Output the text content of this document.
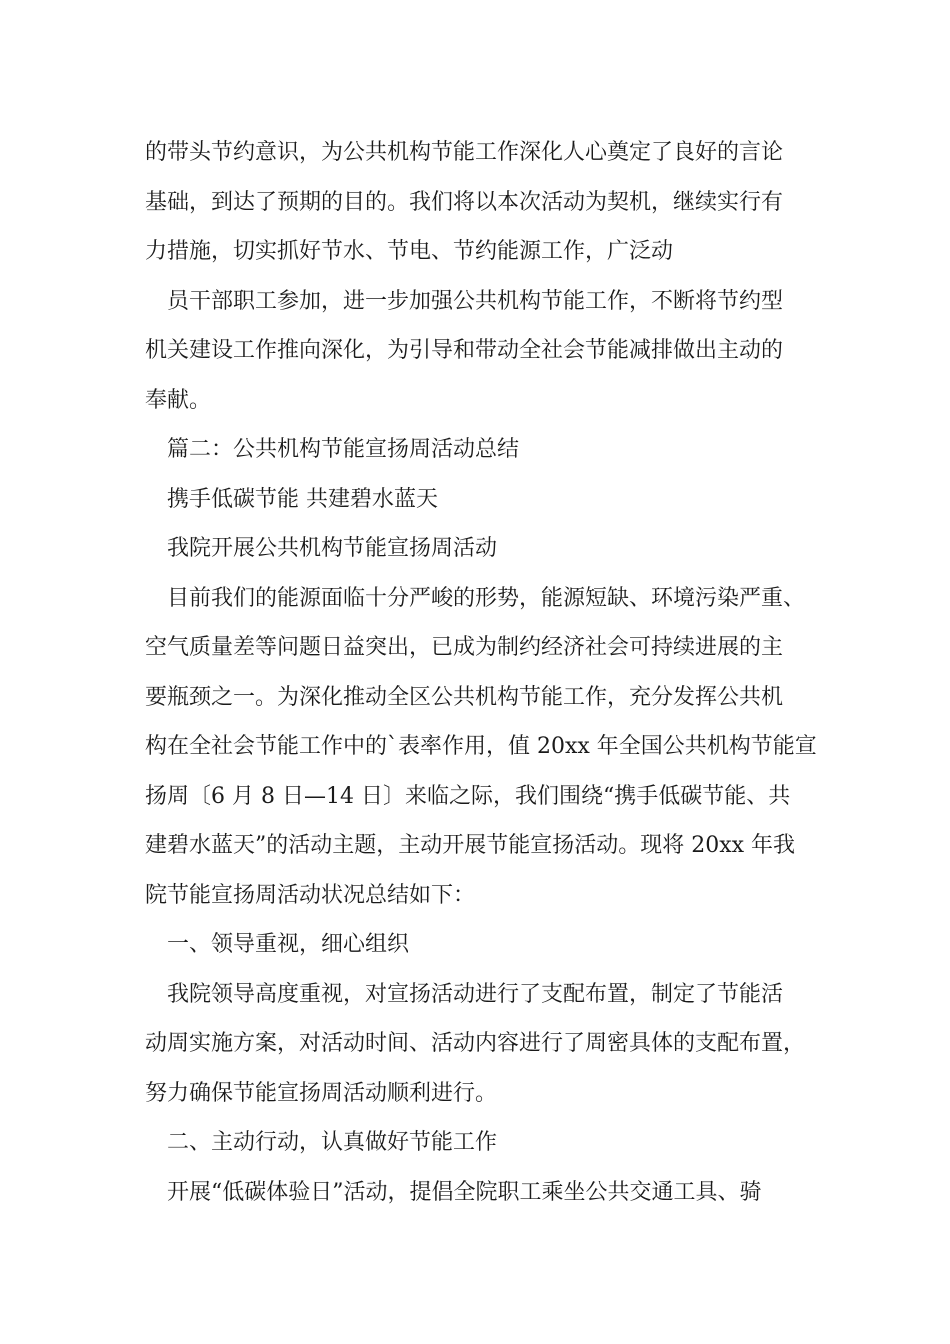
的带头节约意识，为公共机构节能工作深化人心奠定了良好的言论
基础，到达了预期的目的。我们将以本次活动为契机，继续实行有
力措施，切实抓好节水、节电、节约能源工作，广泛动
员干部职工参加，进一步加强公共机构节能工作，不断将节约型
机关建设工作推向深化，为引导和带动全社会节能减排做出主动的
奉献。
篇二：公共机构节能宣扬周活动总结
携手低碳节能 共建碧水蓝天
我院开展公共机构节能宣扬周活动
目前我们的能源面临十分严峻的形势，能源短缺、环境污染严重、
空气质量差等问题日益突出，已成为制约经济社会可持续进展的主
要瓶颈之一。为深化推动全区公共机构节能工作，充分发挥公共机
构在全社会节能工作中的`表率作用，值 20xx 年全国公共机构节能宣
扬周〔6 月 8 日—14 日〕来临之际，我们围绕“携手低碳节能、共
建碧水蓝天”的活动主题，主动开展节能宣扬活动。现将 20xx 年我
院节能宣扬周活动状况总结如下：
一、领导重视，细心组织
我院领导高度重视，对宣扬活动进行了支配布置，制定了节能活
动周实施方案，对活动时间、活动内容进行了周密具体的支配布置，
努力确保节能宣扬周活动顺利进行。
二、主动行动，认真做好节能工作
开展“低碳体验日”活动，提倡全院职工乘坐公共交通工具、骑
